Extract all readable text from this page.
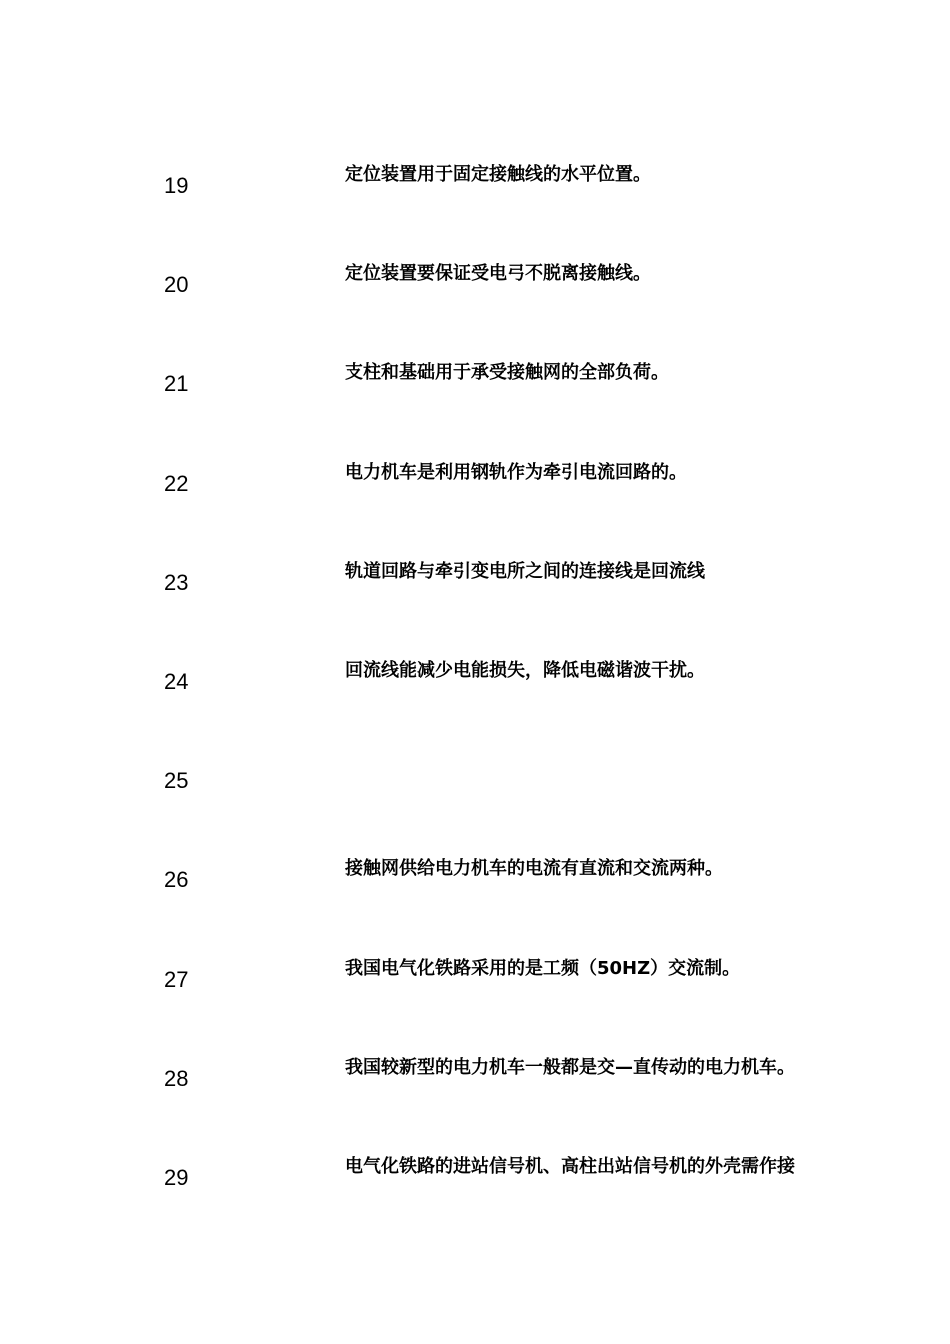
19	定位装置用于固定接触线的水平位置。
20	定位装置要保证受电弓不脱离接触线。
21	支柱和基础用于承受接触网的全部负荷。
22	电力机车是利用钢轨作为牵引电流回路的。
23	轨道回路与牵引变电所之间的连接线是回流线
24	回流线能减少电能损失，降低电磁谐波干扰。
25
26	接触网供给电力机车的电流有直流和交流两种。
27	我国电气化铁路采用的是工频（50HZ）交流制。
28	我国较新型的电力机车一般都是交—直传动的电力机车。
29	电气化铁路的进站信号机、高柱出站信号机的外壳需作接
